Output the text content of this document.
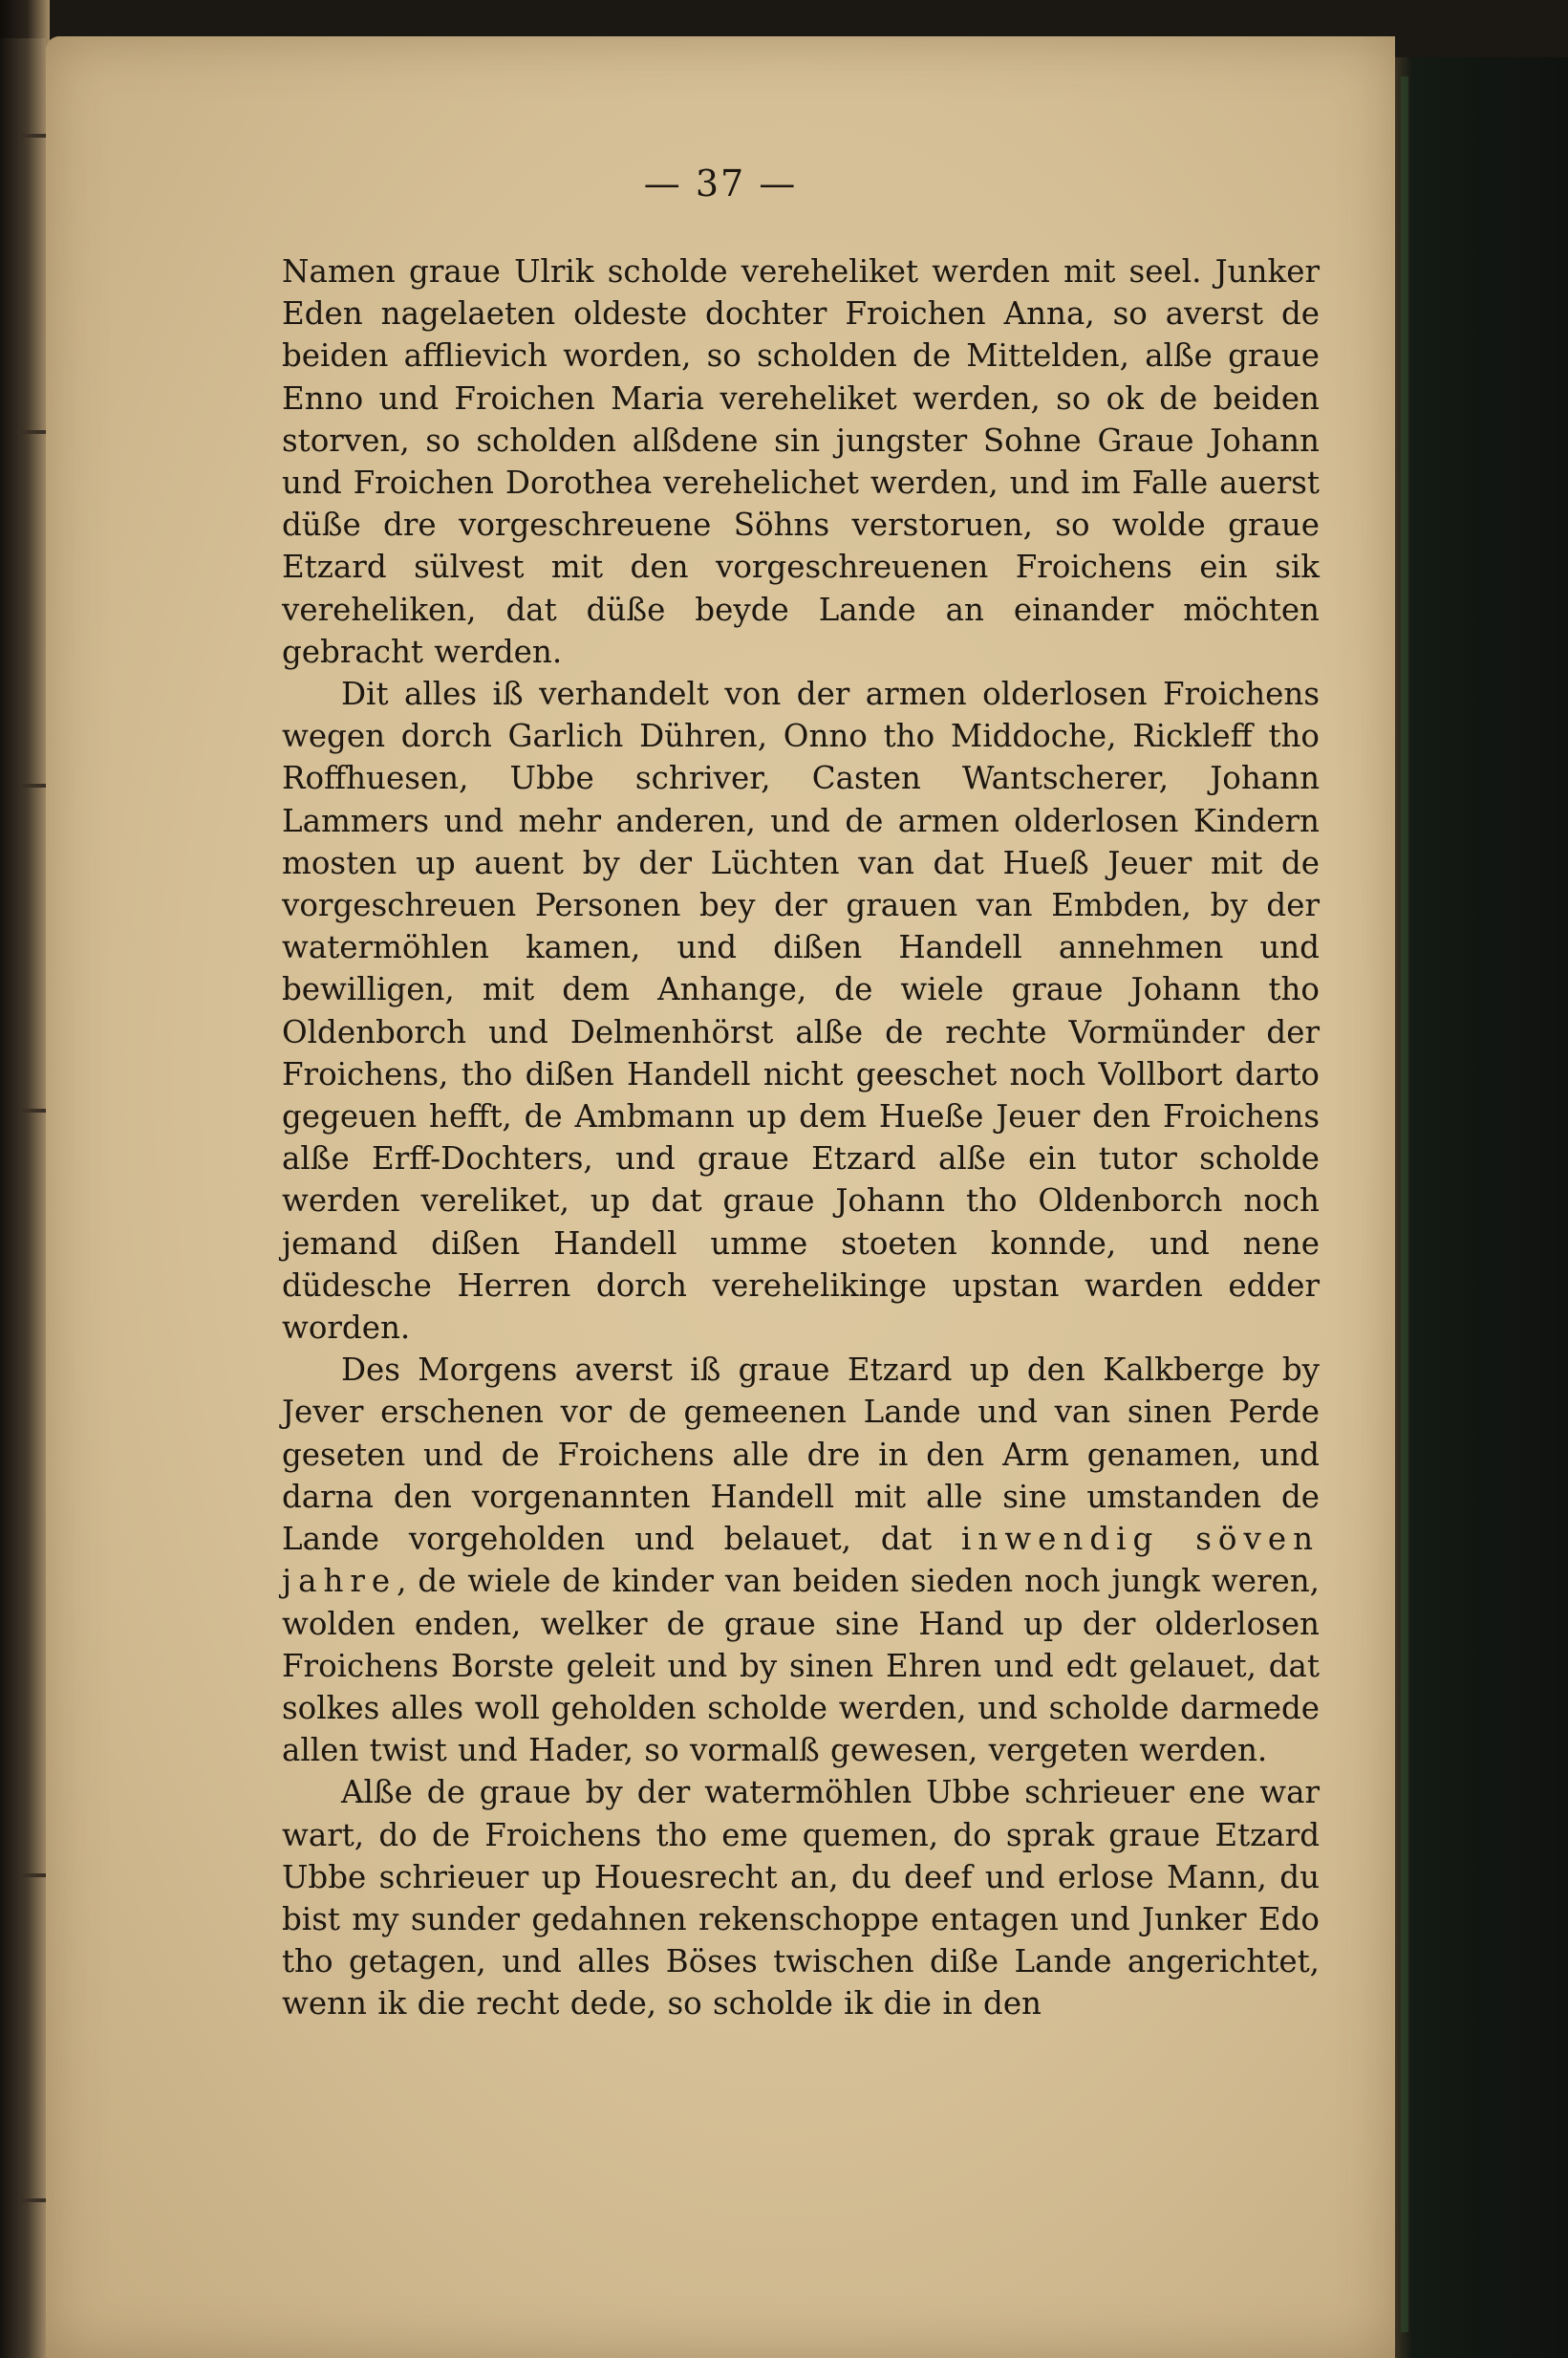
— 37 —

Namen graue Ulrik scholde vereheliket werden mit seel. Junker Eden nagelaeten oldeste dochter Froichen Anna, so averst de beiden afflievich worden, so scholden de Mittelden, alße graue Enno und Froichen Maria vereheliket werden, so ok de beiden storven, so scholden alßdene sin jungster Sohne Graue Johann und Froichen Dorothea verehelichet werden, und im Falle auerst düße dre vorgeschreuene Söhns verstoruen, so wolde graue Etzard sülvest mit den vorgeschreuenen Froichens ein sik vereheliken, dat düße beyde Lande an einander möchten gebracht werden.

Dit alles iß verhandelt von der armen olderlosen Froichens wegen dorch Garlich Dühren, Onno tho Middoche, Rickleff tho Roffhuesen, Ubbe schriver, Casten Wantscherer, Johann Lammers und mehr anderen, und de armen olderlosen Kindern mosten up auent by der Lüchten van dat Hueß Jeuer mit de vorgeschreuen Personen bey der grauen van Embden, by der watermöhlen kamen, und dißen Handell annehmen und bewilligen, mit dem Anhange, de wiele graue Johann tho Oldenborch und Delmenhörst alße de rechte Vormünder der Froichens, tho dißen Handell nicht geeschet noch Vollbort darto gegeuen hefft, de Ambmann up dem Hueße Jeuer den Froichens alße Erff-Dochters, und graue Etzard alße ein tutor scholde werden vereliket, up dat graue Johann tho Oldenborch noch jemand dißen Handell umme stoeten konnde, und nene düdesche Herren dorch verehelikinge upstan warden edder worden.

Des Morgens averst iß graue Etzard up den Kalkberge by Jever erschenen vor de gemeenen Lande und van sinen Perde geseten und de Froichens alle dre in den Arm genamen, und darna den vorgenannten Handell mit alle sine umstanden de Lande vorgeholden und belauet, dat inwendig söven jahre, de wiele de kinder van beiden sieden noch jungk weren, wolden enden, welker de graue sine Hand up der olderlosen Froichens Borste geleit und by sinen Ehren und edt gelauet, dat solkes alles woll geholden scholde werden, und scholde darmede allen twist und Hader, so vormalß gewesen, vergeten werden.

Alße de graue by der watermöhlen Ubbe schrieuer ene war wart, do de Froichens tho eme quemen, do sprak graue Etzard Ubbe schrieuer up Houesrecht an, du deef und erlose Mann, du bist my sunder gedahnen rekenschoppe entagen und Junker Edo tho getagen, und alles Böses twischen diße Lande angerichtet, wenn ik die recht dede, so scholde ik die in den
